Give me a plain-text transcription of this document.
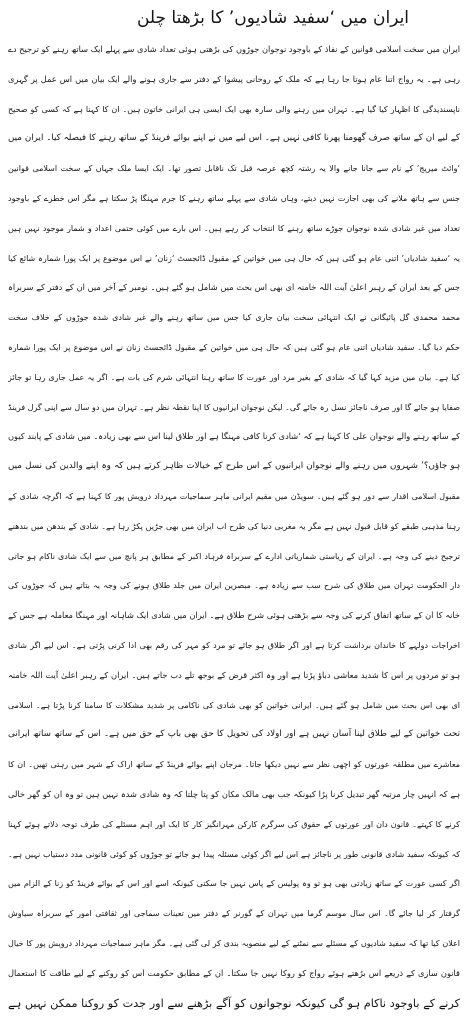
ایران میں ‘سفید شادیوں’ کا بڑھتا چلن
ایران میں سخت اسلامی قوانین کے نفاذ کے باوجود نوجوان جوڑوں کی بڑھتی ہوئی تعداد شادی سے پہلے ایک ساتھ رہنے کو ترجیح دے
رہی ہے۔ یہ رواج اتنا عام ہوتا جا رہا ہے کہ ملک کے روحانی پیشوا کے دفتر سے جاری ہونے والے ایک بیان میں اس عمل پر گہری
ناپسندیدگی کا اظہار کیا گیا ہے۔ تہران میں رہنے والی سارہ بھی ایک ایسی ہی ایرانی خاتون ہیں۔ ان کا کہنا ہے کہ کسی کو صحیح
کے لیے ان کے ساتھ صرف گھومنا پھرنا کافی نہیں ہے۔ اس لیے میں نے اپنے بوائے فرینڈ کے ساتھ رہنے کا فیصلہ کیا۔ ایران میں
‘وائٹ میریج’ کے نام سے جانا جانے والا یہ رشتہ کچھ عرصہ قبل تک ناقابل تصور تھا۔ ایک ایسا ملک جہاں کے سخت اسلامی قوانین
جنس سے ہاتھ ملانے کی بھی اجازت نہیں دیتے، وہاں شادی سے پہلے ساتھ رہنے کا جرم مہنگا پڑ سکتا ہے مگر اس خطرے کے باوجود
تعداد میں غیر شادی شدہ نوجوان جوڑے ساتھ رہنے کا انتخاب کر رہے ہیں۔ اس بارے میں کوئی حتمی اعداد و شمار موجود نہیں ہیں
یہ ‘سفید شادیاں’ اتنی عام ہو گئی ہیں کہ حال ہی میں خواتین کے مقبول ڈائجسٹ ‘زنان’ نے اس موضوع پر ایک پورا شمارہ شائع کیا
جس کے بعد ایران کے رہبر اعلیٰ آیت اللہ خامنہ ای بھی اس بحث میں شامل ہو گئے ہیں۔ نومبر کے آخر میں ان کے دفتر کے سربراہ
محمد محمدی گل پائیگانی نے ایک انتہائی سخت بیان جاری کیا جس میں ساتھ رہنے والے غیر شادی شدہ جوڑوں کے خلاف سخت
حکم دیا گیا۔ سفید شادیاں اتنی عام ہو گئی ہیں کہ حال ہی میں خواتین کے مقبول ڈائجسٹ زنان نے اس موضوع پر ایک پورا شمارہ
کیا ہے۔ بیان میں مزید کہا گیا کہ شادی کے بغیر مرد اور عورت کا ساتھ رہنا انتہائی شرم کی بات ہے۔ اگر یہ عمل جاری رہا تو جائز
صفایا ہو جائے گا اور صرف ناجائز نسل رہ جائے گی۔ لیکن نوجوان ایرانیوں کا اپنا نقطہ نظر ہے۔ تہران میں دو سال سے اپنی گرل فرینڈ
کے ساتھ رہنے والے نوجوان علی کا کہنا ہے کہ ‘شادی کرنا کافی مہنگا ہے اور طلاق لینا اس سے بھی زیادہ۔ میں شادی کے پابند کیوں
ہو جاؤں؟’ شہروں میں رہنے والے نوجوان ایرانیوں کے اس طرح کے خیالات ظاہر کرتے ہیں کہ وہ اپنے والدین کی نسل میں
مقبول اسلامی اقدار سے دور ہو گئے ہیں۔ سویڈن میں مقیم ایرانی ماہر سماجیات مہرداد درویش پور کا کہنا ہے کہ اگرچہ شادی کے
رہنا مذہبی طبقے کو قابل قبول نہیں ہے مگر یہ مغربی دنیا کی طرح اب ایران میں بھی جڑیں پکڑ رہا ہے۔ شادی کے بندھن میں بندھنے
ترجیح دینے کی وجہ ہے۔ ایران کے ریاستی شماریاتی ادارے کے سربراہ فرہاد اکبر کے مطابق ہر پانچ میں سے ایک شادی ناکام ہو جاتی
دار الحکومت تہران میں طلاق کی شرح سب سے زیادہ ہے۔ مبصرین ایران میں جلد طلاق ہونے کی وجہ یہ بتاتے ہیں کہ جوڑوں کی
خانہ کا ان کے ساتھ اتفاق کرنے کی وجہ سے بڑھتی ہوئی شرح طلاق ہے۔ ایران میں شادی ایک شاہانہ اور مہنگا معاملہ ہے جس کے
اخراجات دولہے کا خاندان برداشت کرتا ہے اور اگر طلاق ہو جائے تو مرد کو مہر کی رقم بھی ادا کرنی پڑتی ہے۔ اس لیے اگر شادی
ہو تو مردوں پر اس کا شدید معاشی دباؤ پڑتا ہے اور وہ اکثر قرض کے بوجھ تلے دب جاتے ہیں۔ ایران کے رہبر اعلیٰ آیت اللہ خامنہ
ای بھی اس بحث میں شامل ہو گئے ہیں۔ ایرانی خواتین کو بھی شادی کی ناکامی پر شدید مشکلات کا سامنا کرنا پڑتا ہے۔ اسلامی
تحت خواتین کے لیے طلاق لینا آسان نہیں ہے اور اولاد کی تحویل کا حق بھی باپ کے حق میں ہے۔ اس کے ساتھ ساتھ ایرانی
معاشرے میں مطلقہ عورتوں کو اچھی نظر سے نہیں دیکھا جاتا۔ مرجان اپنے بوائے فرینڈ کے ساتھ اراک کے شہر میں رہتی تھیں۔ ان کا
ہے کہ انہیں چار مرتبہ گھر تبدیل کرنا پڑا کیونکہ جب بھی مالک مکان کو پتا چلتا کہ وہ شادی شدہ نہیں ہیں تو وہ ان کو گھر خالی
کرنے کا کہتے۔ قانون دان اور عورتوں کے حقوق کی سرگرم کارکن مہرانگیز کار کا ایک اور اہم مسئلے کی طرف توجہ دلاتے ہوئے کہنا
کہ کیونکہ سفید شادی قانونی طور پر ناجائز ہے اس لیے اگر کوئی مسئلہ پیدا ہو جائے تو جوڑوں کو کوئی قانونی مدد دستیاب نہیں ہے۔
اگر کسی عورت کے ساتھ زیادتی بھی ہو تو وہ پولیس کے پاس نہیں جا سکتی کیونکہ اسے اور اس کے بوائے فرینڈ کو زنا کے الزام میں
گرفتار کر لیا جائے گا۔ اس سال موسم گرما میں تہران کے گورنر کے دفتر میں تعینات سماجی اور ثقافتی امور کے سربراہ سیاوش
اعلان کیا تھا کہ سفید شادیوں کے مسئلے سے نمٹنے کے لیے منصوبہ بندی کر لی گئی ہے۔ مگر ماہر سماجیات مہرداد درویش پور کا خیال
قانون سازی کے ذریعے اس بڑھتے ہوئے رواج کو روکا نہیں جا سکتا۔ ان کے مطابق حکومت اس کو روکنے کے لیے طاقت کا استعمال
کرنے کے باوجود ناکام ہو گی کیونکہ نوجوانوں کو آگے بڑھنے سے اور جدت کو روکنا ممکن نہیں ہے
